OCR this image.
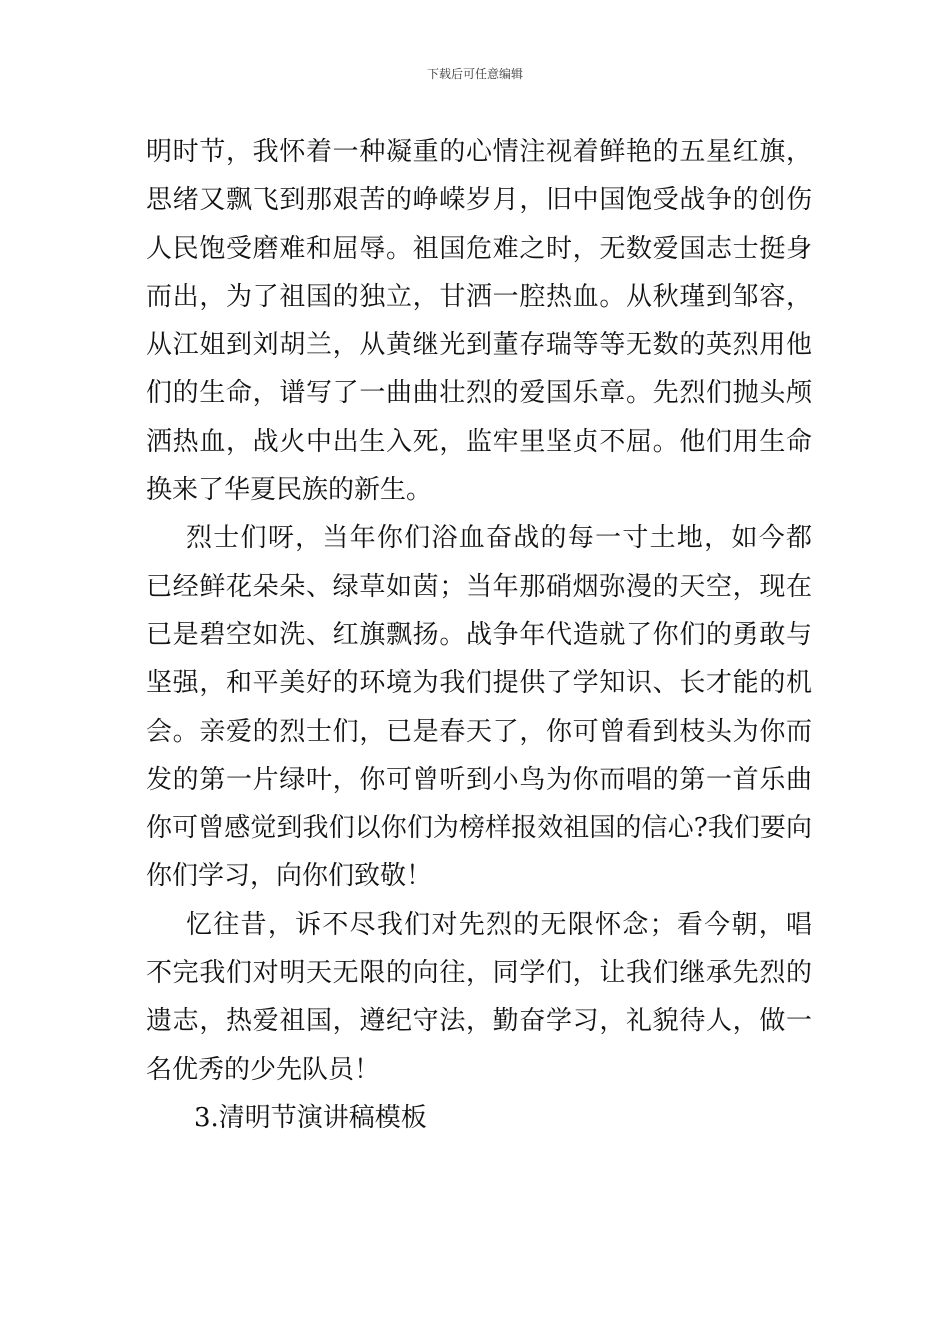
下载后可任意编辑
明时节，我怀着一种凝重的心情注视着鲜艳的五星红旗，
思绪又飘飞到那艰苦的峥嵘岁月，旧中国饱受战争的创伤
人民饱受磨难和屈辱。祖国危难之时，无数爱国志士挺身
而出，为了祖国的独立，甘洒一腔热血。从秋瑾到邹容，
从江姐到刘胡兰，从黄继光到董存瑞等等无数的英烈用他
们的生命，谱写了一曲曲壮烈的爱国乐章。先烈们抛头颅
洒热血，战火中出生入死，监牢里坚贞不屈。他们用生命
换来了华夏民族的新生。
烈士们呀，当年你们浴血奋战的每一寸土地，如今都
已经鲜花朵朵、绿草如茵；当年那硝烟弥漫的天空，现在
已是碧空如洗、红旗飘扬。战争年代造就了你们的勇敢与
坚强，和平美好的环境为我们提供了学知识、长才能的机
会。亲爱的烈士们，已是春天了，你可曾看到枝头为你而
发的第一片绿叶，你可曾听到小鸟为你而唱的第一首乐曲
你可曾感觉到我们以你们为榜样报效祖国的信心?我们要向
你们学习，向你们致敬！
忆往昔，诉不尽我们对先烈的无限怀念；看今朝，唱
不完我们对明天无限的向往，同学们，让我们继承先烈的
遗志，热爱祖国，遵纪守法，勤奋学习，礼貌待人，做一
名优秀的少先队员！
3.清明节演讲稿模板
